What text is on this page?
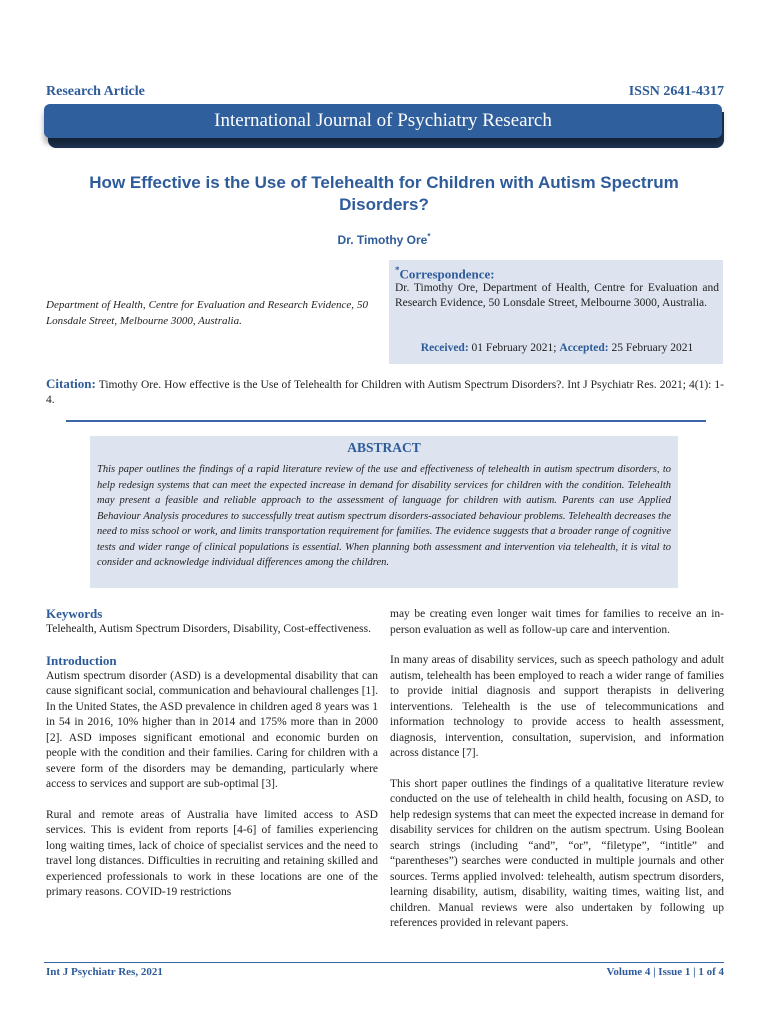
Research Article	ISSN 2641-4317
International Journal of Psychiatry Research
How Effective is the Use of Telehealth for Children with Autism Spectrum Disorders?
Dr. Timothy Ore*
Department of Health, Centre for Evaluation and Research Evidence, 50 Lonsdale Street, Melbourne 3000, Australia.
*Correspondence:
Dr. Timothy Ore, Department of Health, Centre for Evaluation and Research Evidence, 50 Lonsdale Street, Melbourne 3000, Australia.
Received: 01 February 2021; Accepted: 25 February 2021
Citation: Timothy Ore. How effective is the Use of Telehealth for Children with Autism Spectrum Disorders?. Int J Psychiatr Res. 2021; 4(1): 1-4.
ABSTRACT
This paper outlines the findings of a rapid literature review of the use and effectiveness of telehealth in autism spectrum disorders, to help redesign systems that can meet the expected increase in demand for disability services for children with the condition. Telehealth may present a feasible and reliable approach to the assessment of language for children with autism. Parents can use Applied Behaviour Analysis procedures to successfully treat autism spectrum disorders-associated behaviour problems. Telehealth decreases the need to miss school or work, and limits transportation requirement for families. The evidence suggests that a broader range of cognitive tests and wider range of clinical populations is essential. When planning both assessment and intervention via telehealth, it is vital to consider and acknowledge individual differences among the children.
Keywords

Telehealth, Autism Spectrum Disorders, Disability, Cost-effectiveness.

Introduction

Autism spectrum disorder (ASD) is a developmental disability that can cause significant social, communication and behavioural challenges [1]. In the United States, the ASD prevalence in children aged 8 years was 1 in 54 in 2016, 10% higher than in 2014 and 175% more than in 2000 [2]. ASD imposes significant emotional and economic burden on people with the condition and their families. Caring for children with a severe form of the disorders may be demanding, particularly where access to services and support are sub-optimal [3].

Rural and remote areas of Australia have limited access to ASD services. This is evident from reports [4-6] of families experiencing long waiting times, lack of choice of specialist services and the need to travel long distances. Difficulties in recruiting and retaining skilled and experienced professionals to work in these locations are one of the primary reasons. COVID-19 restrictions

may be creating even longer wait times for families to receive an in-person evaluation as well as follow-up care and intervention.

In many areas of disability services, such as speech pathology and adult autism, telehealth has been employed to reach a wider range of families to provide initial diagnosis and support therapists in delivering interventions. Telehealth is the use of telecommunications and information technology to provide access to health assessment, diagnosis, intervention, consultation, supervision, and information across distance [7].

This short paper outlines the findings of a qualitative literature review conducted on the use of telehealth in child health, focusing on ASD, to help redesign systems that can meet the expected increase in demand for disability services for children on the autism spectrum. Using Boolean search strings (including “and”, “or”, “filetype”, “intitle” and “parentheses”) searches were conducted in multiple journals and other sources. Terms applied involved: telehealth, autism spectrum disorders, learning disability, autism, disability, waiting times, waiting list, and children. Manual reviews were also undertaken by following up references provided in relevant papers.

Int J Psychiatr Res, 2021	Volume 4 | Issue 1 | 1 of 4
